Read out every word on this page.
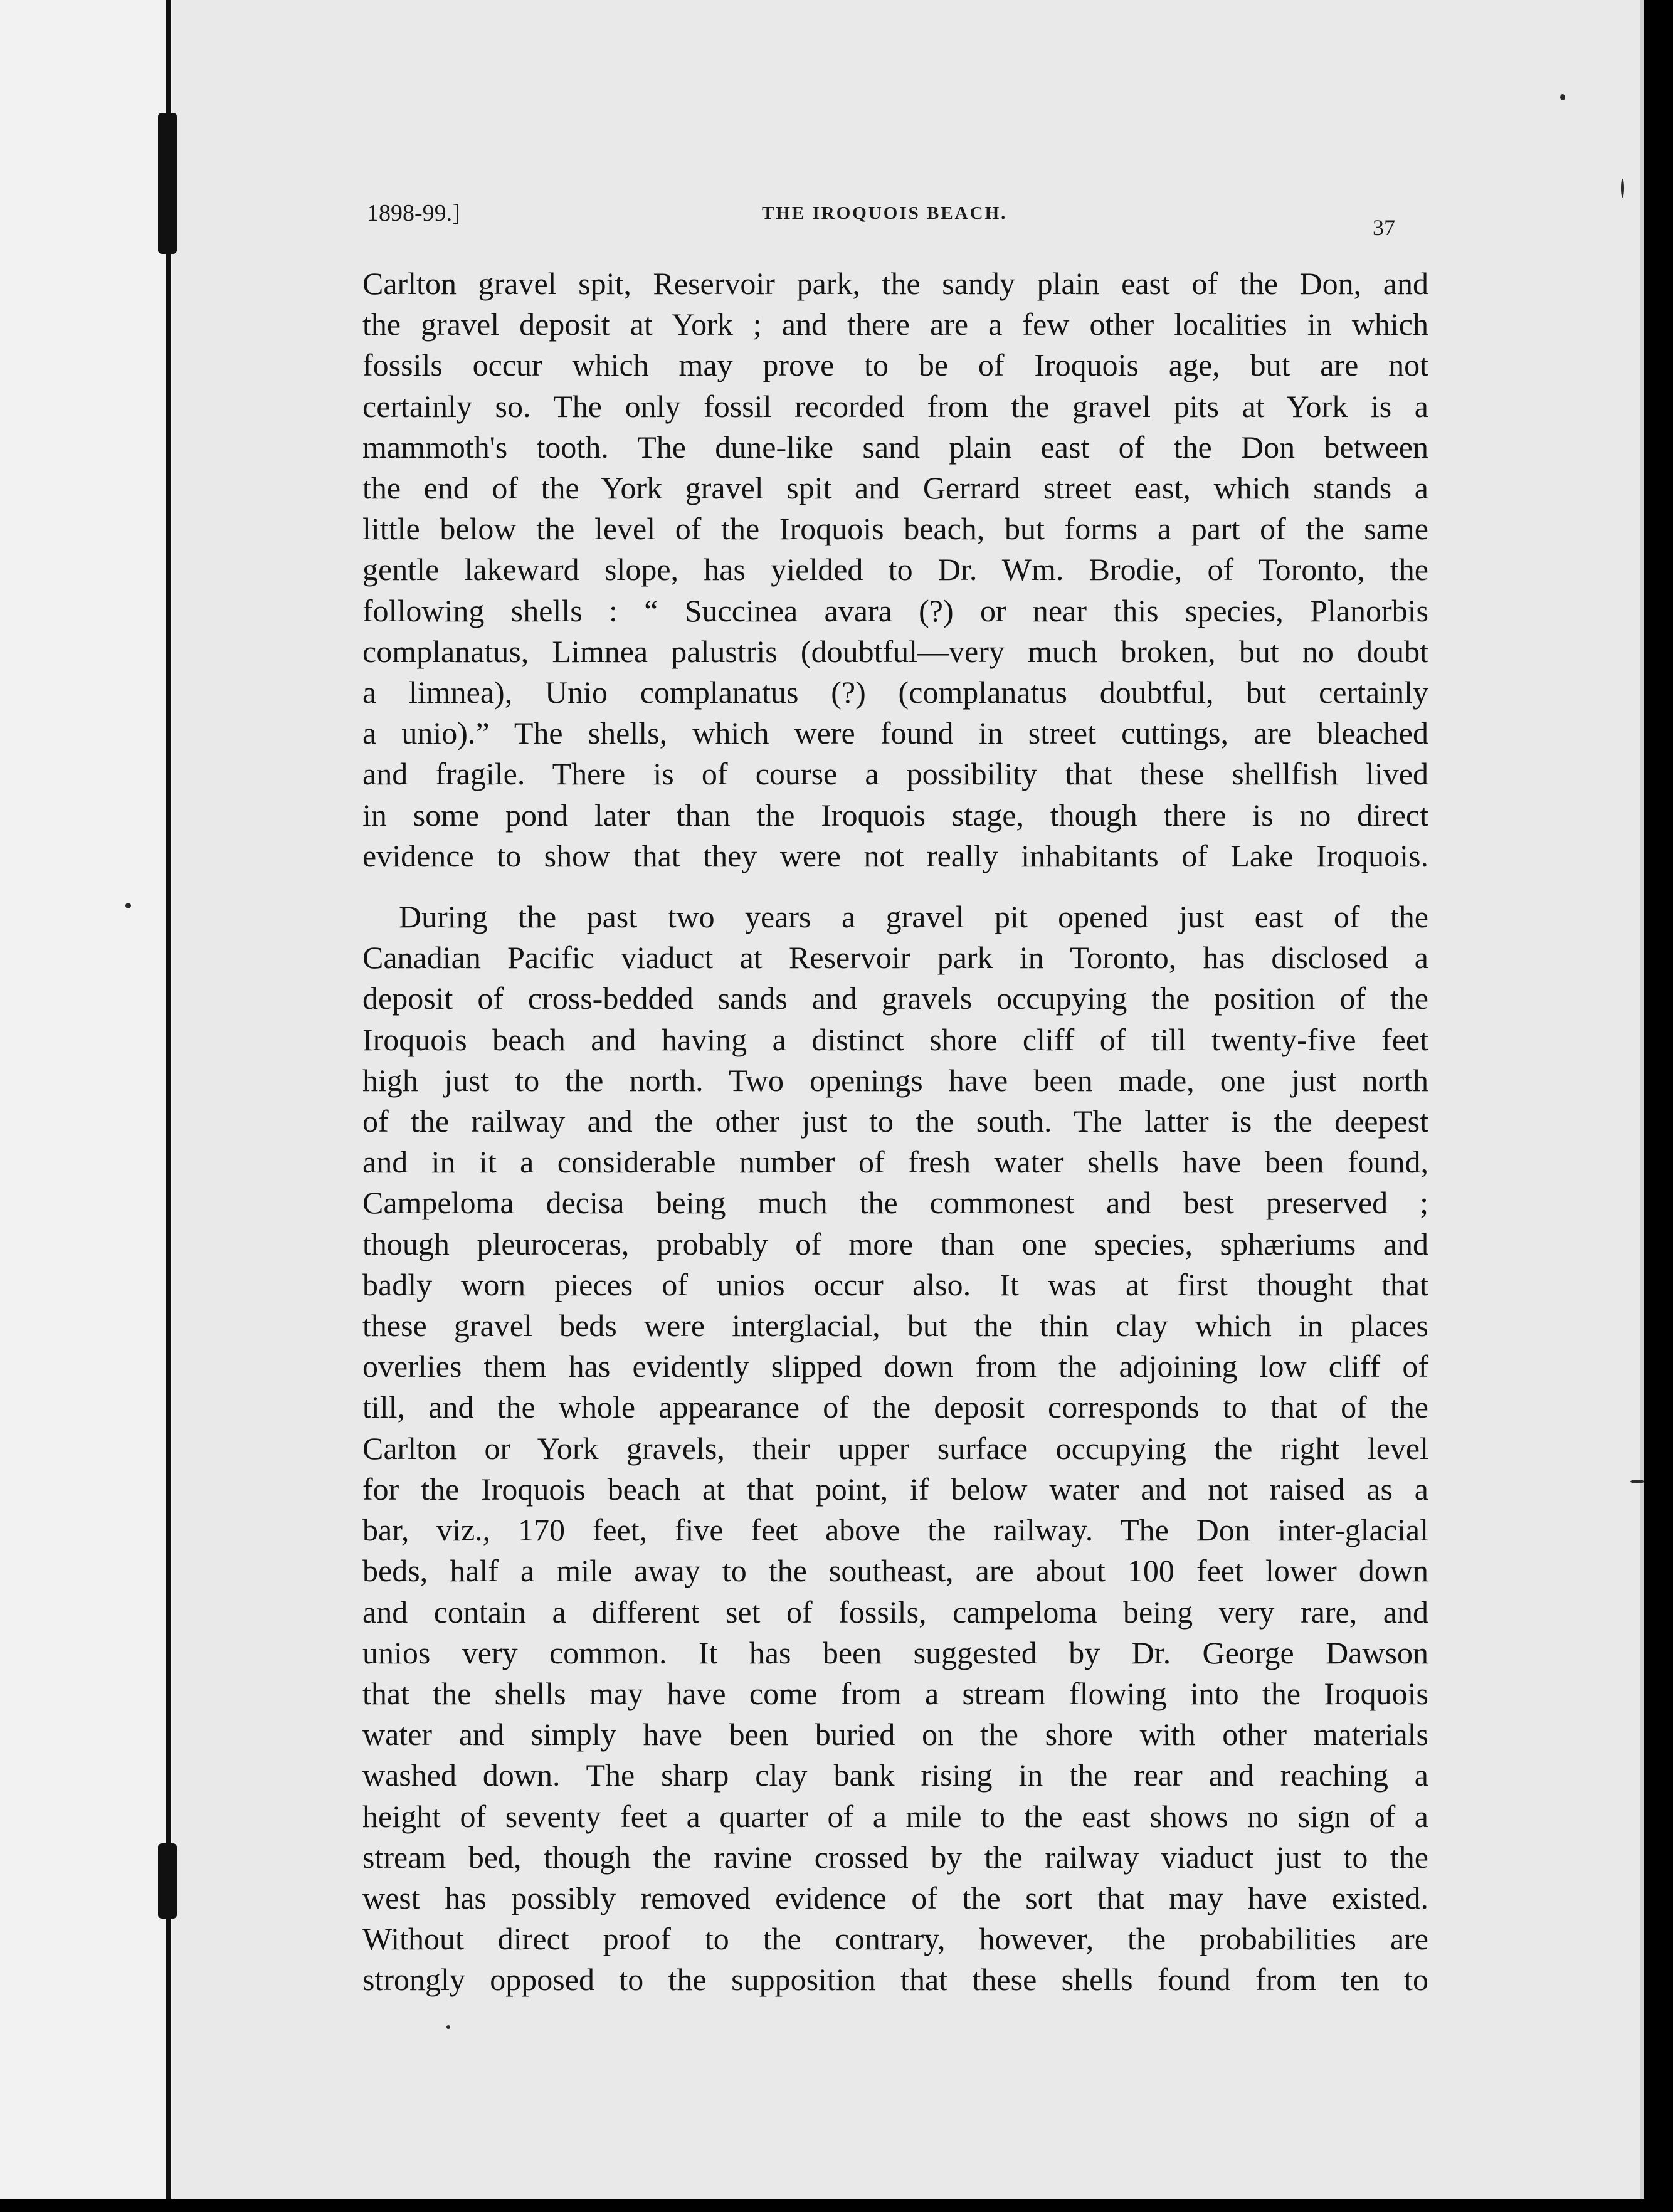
1898-99.]	THE IROQUOIS BEACH.
37

Carlton gravel spit, Reservoir park, the sandy plain east of the Don, and
the gravel deposit at York ; and there are a few other localities in which
fossils occur which may prove to be of Iroquois age, but are not
certainly so. The only fossil recorded from the gravel pits at York is a
mammoth's tooth. The dune-like sand plain east of the Don between
the end of the York gravel spit and Gerrard street east, which stands a
little below the level of the Iroquois beach, but forms a part of the same
gentle lakeward slope, has yielded to Dr. Wm. Brodie, of Toronto, the
following shells : “ Succinea avara (?) or near this species, Planorbis
complanatus, Limnea palustris (doubtful—very much broken, but no doubt
a limnea), Unio complanatus (?) (complanatus doubtful, but certainly
a unio).” The shells, which were found in street cuttings, are bleached
and fragile. There is of course a possibility that these shellfish lived
in some pond later than the Iroquois stage, though there is no direct
evidence to show that they were not really inhabitants of Lake Iroquois.

During the past two years a gravel pit opened just east of the
Canadian Pacific viaduct at Reservoir park in Toronto, has disclosed a
deposit of cross-bedded sands and gravels occupying the position of the
Iroquois beach and having a distinct shore cliff of till twenty-five feet
high just to the north. Two openings have been made, one just north
of the railway and the other just to the south. The latter is the deepest
and in it a considerable number of fresh water shells have been found,
Campeloma decisa being much the commonest and best preserved ;
though pleuroceras, probably of more than one species, sphæriums and
badly worn pieces of unios occur also. It was at first thought that
these gravel beds were interglacial, but the thin clay which in places
overlies them has evidently slipped down from the adjoining low cliff of
till, and the whole appearance of the deposit corresponds to that of the
Carlton or York gravels, their upper surface occupying the right level
for the Iroquois beach at that point, if below water and not raised as a
bar, viz., 170 feet, five feet above the railway. The Don inter-glacial
beds, half a mile away to the southeast, are about 100 feet lower down
and contain a different set of fossils, campeloma being very rare, and
unios very common. It has been suggested by Dr. George Dawson
that the shells may have come from a stream flowing into the Iroquois
water and simply have been buried on the shore with other materials
washed down. The sharp clay bank rising in the rear and reaching a
height of seventy feet a quarter of a mile to the east shows no sign of a
stream bed, though the ravine crossed by the railway viaduct just to the
west has possibly removed evidence of the sort that may have existed.
Without direct proof to the contrary, however, the probabilities are
strongly opposed to the supposition that these shells found from ten to
